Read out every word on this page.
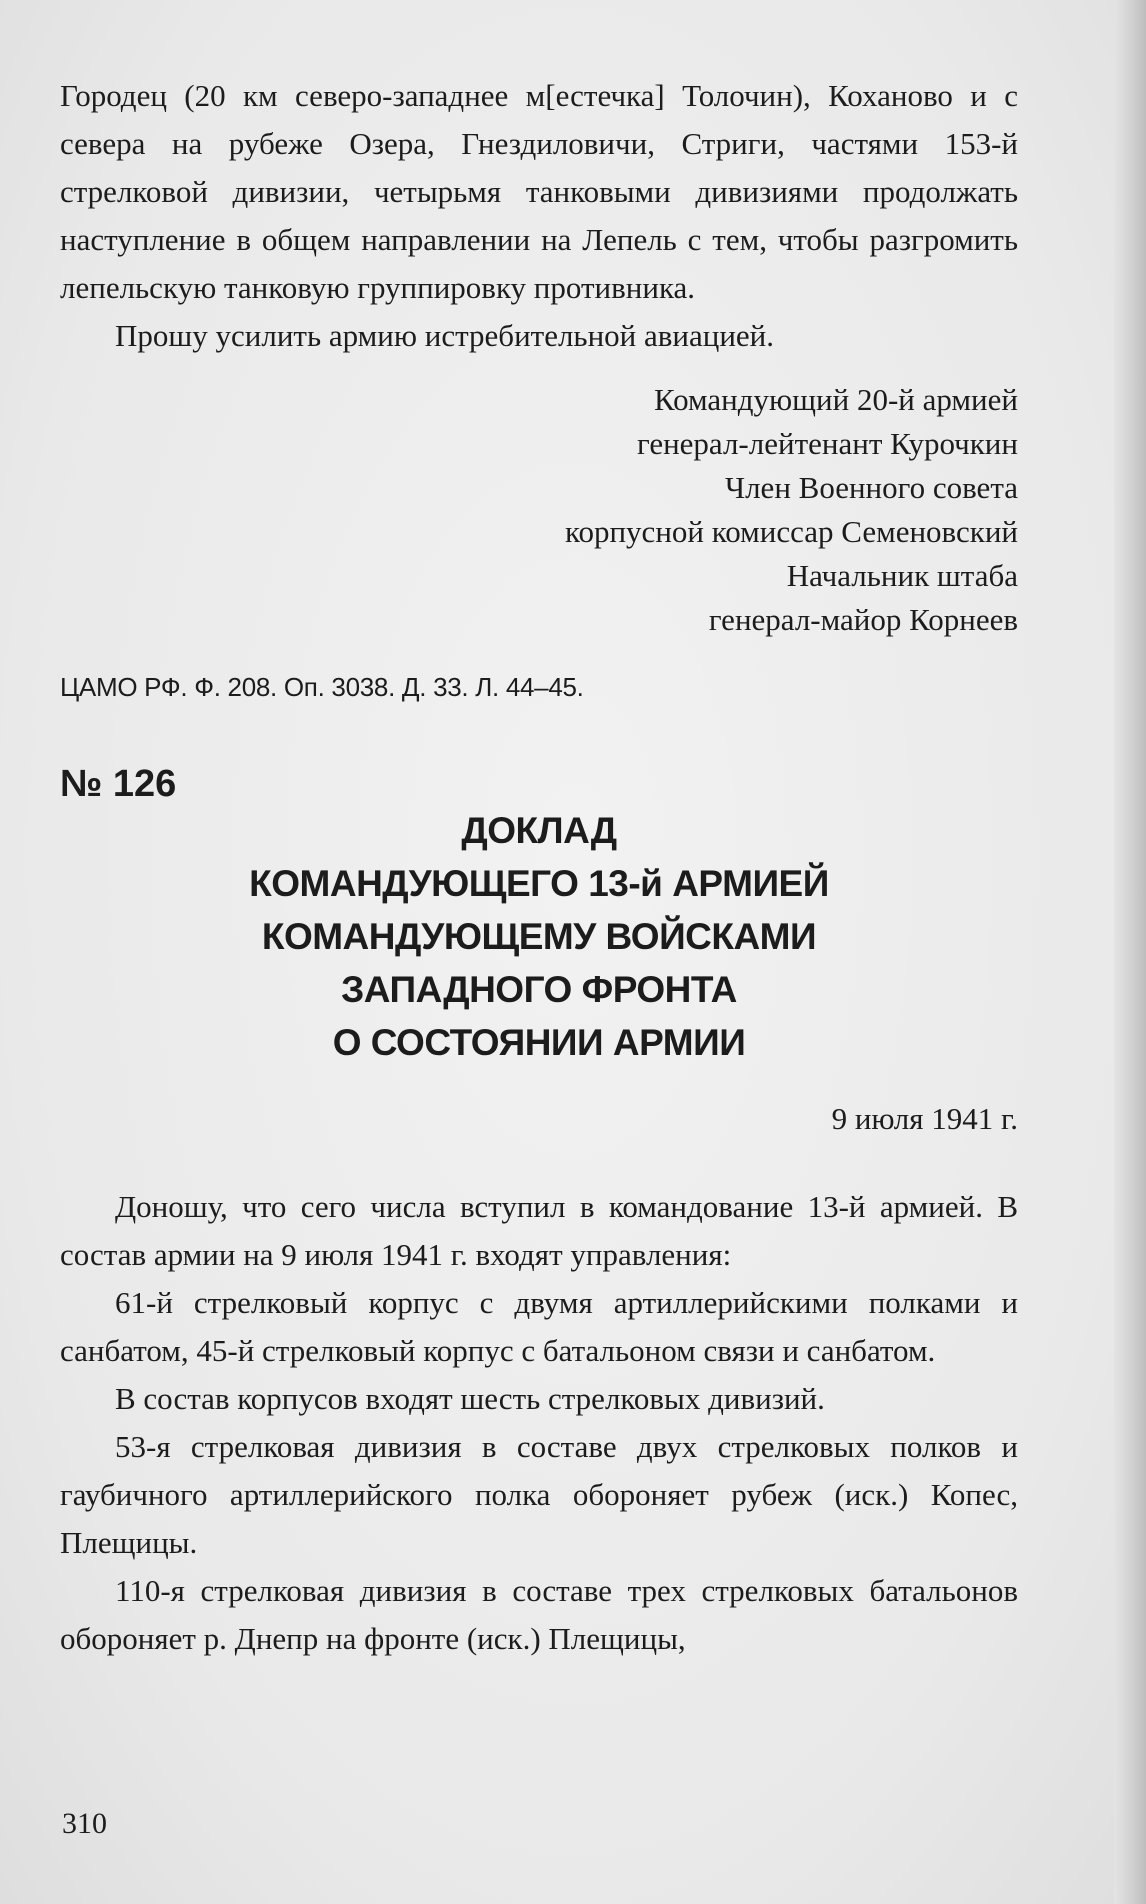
Городец (20 км северо-западнее м[естечка] Толочин), Коханово и с севера на рубеже Озера, Гнездиловичи, Стриги, частями 153-й стрелковой дивизии, четырьмя танковыми дивизиями продолжать наступление в общем направлении на Лепель с тем, чтобы разгромить лепельскую танковую группировку противника.

Прошу усилить армию истребительной авиацией.

Командующий 20-й армией
генерал-лейтенант Курочкин
Член Военного совета
корпусной комиссар Семеновский
Начальник штаба
генерал-майор Корнеев
ЦАМО РФ. Ф. 208. Оп. 3038. Д. 33. Л. 44–45.
№ 126
ДОКЛАД
КОМАНДУЮЩЕГО 13-й АРМИЕЙ
КОМАНДУЮЩЕМУ ВОЙСКАМИ
ЗАПАДНОГО ФРОНТА
О СОСТОЯНИИ АРМИИ
9 июля 1941 г.

Доношу, что сего числа вступил в командование 13-й армией. В состав армии на 9 июля 1941 г. входят управления:

61-й стрелковый корпус с двумя артиллерийскими полками и санбатом, 45-й стрелковый корпус с батальоном связи и санбатом.

В состав корпусов входят шесть стрелковых дивизий.

53-я стрелковая дивизия в составе двух стрелковых полков и гаубичного артиллерийского полка обороняет рубеж (иск.) Копес, Плещицы.

110-я стрелковая дивизия в составе трех стрелковых батальонов обороняет р. Днепр на фронте (иск.) Плещицы,

310
